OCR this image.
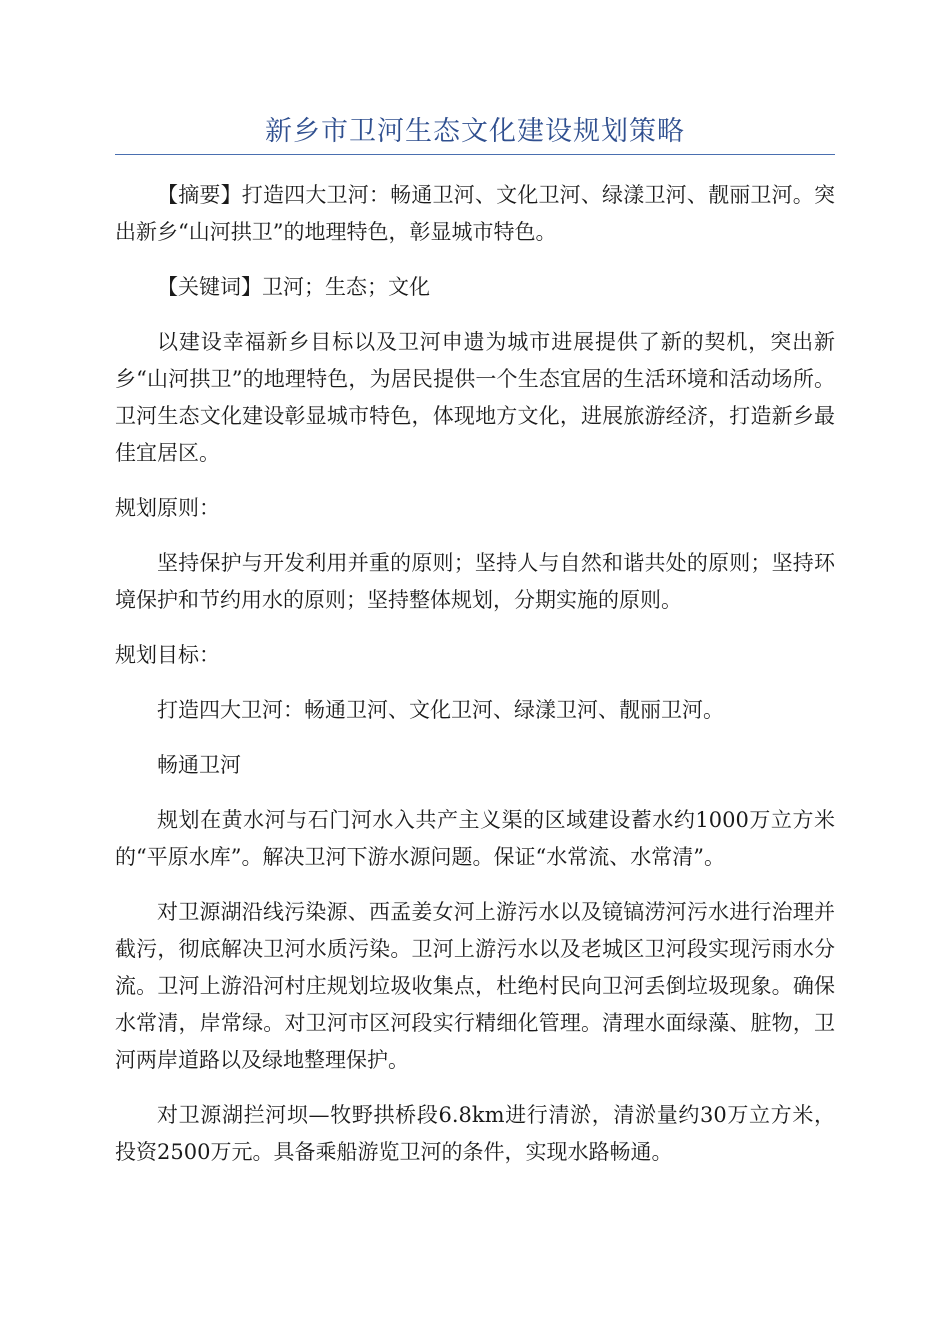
新乡市卫河生态文化建设规划策略

【摘要】打造四大卫河：畅通卫河、文化卫河、绿漾卫河、靓丽卫河。突出新乡“山河拱卫”的地理特色，彰显城市特色。

【关键词】卫河；生态；文化

以建设幸福新乡目标以及卫河申遗为城市进展提供了新的契机，突出新乡“山河拱卫”的地理特色，为居民提供一个生态宜居的生活环境和活动场所。卫河生态文化建设彰显城市特色，体现地方文化，进展旅游经济，打造新乡最佳宜居区。

规划原则：

坚持保护与开发利用并重的原则；坚持人与自然和谐共处的原则；坚持环境保护和节约用水的原则；坚持整体规划，分期实施的原则。

规划目标：

打造四大卫河：畅通卫河、文化卫河、绿漾卫河、靓丽卫河。

畅通卫河

规划在黄水河与石门河水入共产主义渠的区域建设蓄水约1000万立方米的“平原水库”。解决卫河下游水源问题。保证“水常流、水常清”。

对卫源湖沿线污染源、西孟姜女河上游污水以及镜镐涝河污水进行治理并截污，彻底解决卫河水质污染。卫河上游污水以及老城区卫河段实现污雨水分流。卫河上游沿河村庄规划垃圾收集点，杜绝村民向卫河丢倒垃圾现象。确保水常清，岸常绿。对卫河市区河段实行精细化管理。清理水面绿藻、脏物，卫河两岸道路以及绿地整理保护。

对卫源湖拦河坝—牧野拱桥段6.8km进行清淤，清淤量约30万立方米，投资2500万元。具备乘船游览卫河的条件，实现水路畅通。
